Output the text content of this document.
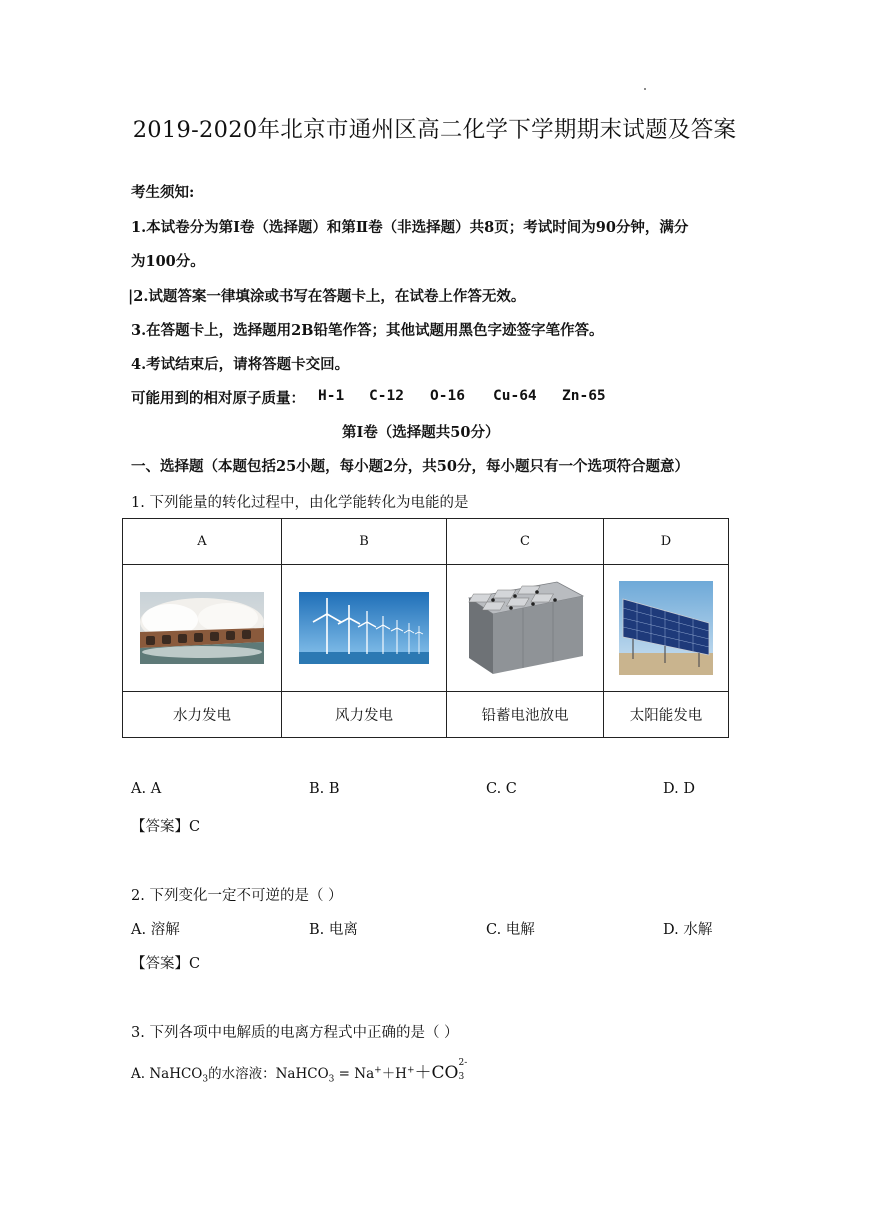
2019-2020年北京市通州区高二化学下学期期末试题及答案
考生须知:
1.本试卷分为第Ⅰ卷（选择题）和第Ⅱ卷（非选择题）共8页；考试时间为90分钟，满分
为100分。
|2.试题答案一律填涂或书写在答题卡上，在试卷上作答无效。
3.在答题卡上，选择题用2B铅笔作答；其他试题用黑色字迹签字笔作答。
4.考试结束后，请将答题卡交回。
可能用到的相对原子质量： H-1 C-12 O-16 Cu-64 Zn-65
第Ⅰ卷（选择题共50分）
一、选择题（本题包括25小题，每小题2分，共50分，每小题只有一个选项符合题意）
1. 下列能量的转化过程中，由化学能转化为电能的是
A	B	C	D

水力发电	风力发电	铅蓄电池放电	太阳能发电
A. A	B. B	C. C	D. D
【答案】C
2. 下列变化一定不可逆的是（ ）
A. 溶解	B. 电离	C. 电解	D. 水解
【答案】C
3. 下列各项中电解质的电离方程式中正确的是（ ）
A. NaHCO$_3$的水溶液：NaHCO$_3$ = Na+＋H+＋CO 2-
3
